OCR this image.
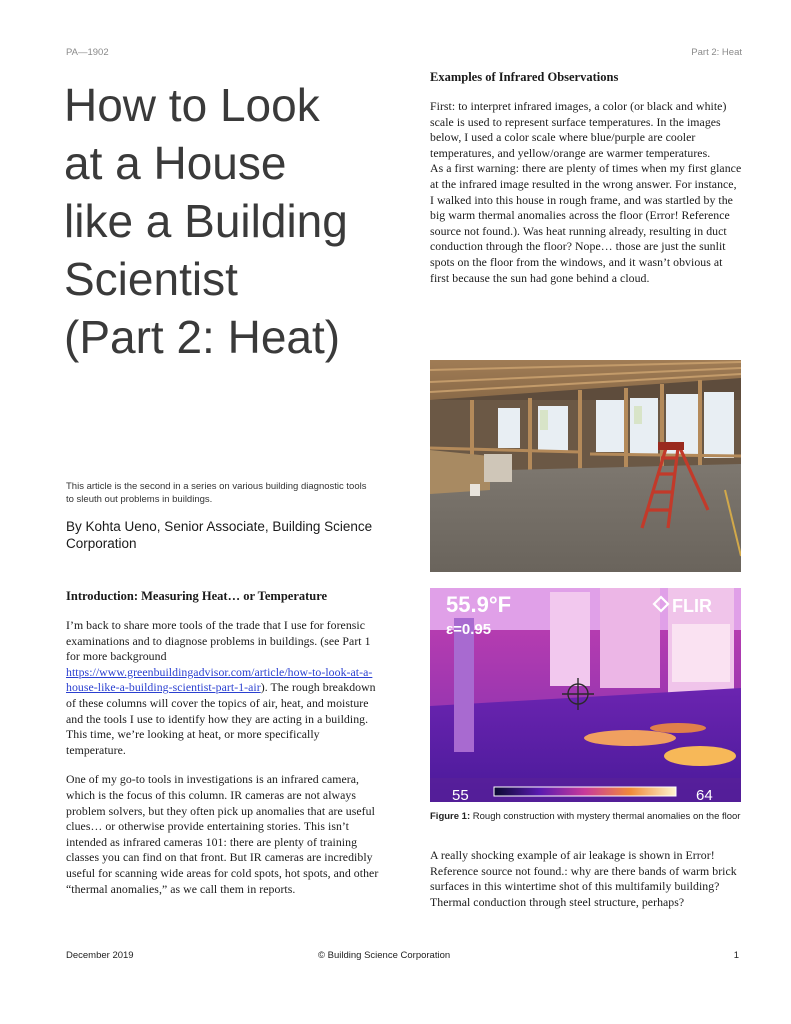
PA—1902	Part 2: Heat
How to Look
at a House
like a Building
Scientist
(Part 2: Heat)
This article is the second in a series on various building diagnostic tools to sleuth out problems in buildings.
By Kohta Ueno, Senior Associate, Building Science Corporation
Introduction: Measuring Heat… or Temperature

I’m back to share more tools of the trade that I use for forensic examinations and to diagnose problems in buildings. (see Part 1 for more background https://www.greenbuildingadvisor.com/article/how-to-look-at-a-house-like-a-building-scientist-part-1-air). The rough breakdown of these columns will cover the topics of air, heat, and moisture and the tools I use to identify how they are acting in a building. This time, we’re looking at heat, or more specifically temperature.

One of my go-to tools in investigations is an infrared camera, which is the focus of this column. IR cameras are not always problem solvers, but they often pick up anomalies that are useful clues… or otherwise provide entertaining stories. This isn’t intended as infrared cameras 101: there are plenty of training classes you can find on that front. But IR cameras are incredibly useful for scanning wide areas for cold spots, hot spots, and other “thermal anomalies,” as we call them in reports.

Examples of Infrared Observations

First: to interpret infrared images, a color (or black and white) scale is used to represent surface temperatures. In the images below, I used a color scale where blue/purple are cooler temperatures, and yellow/orange are warmer temperatures.

As a first warning: there are plenty of times when my first glance at the infrared image resulted in the wrong answer. For instance, I walked into this house in rough frame, and was startled by the big warm thermal anomalies across the floor (Error! Reference source not found.). Was heat running already, resulting in duct conduction through the floor? Nope… those are just the sunlit spots on the floor from the windows, and it wasn’t obvious at first because the sun had gone behind a cloud.

55.9°F
ε=0.95
FLIR
55	64
Figure 1: Rough construction with mystery thermal anomalies on the floor

A really shocking example of air leakage is shown in Error! Reference source not found.: why are there bands of warm brick surfaces in this wintertime shot of this multifamily building? Thermal conduction through steel structure, perhaps?

December 2019	© Building Science Corporation	1
